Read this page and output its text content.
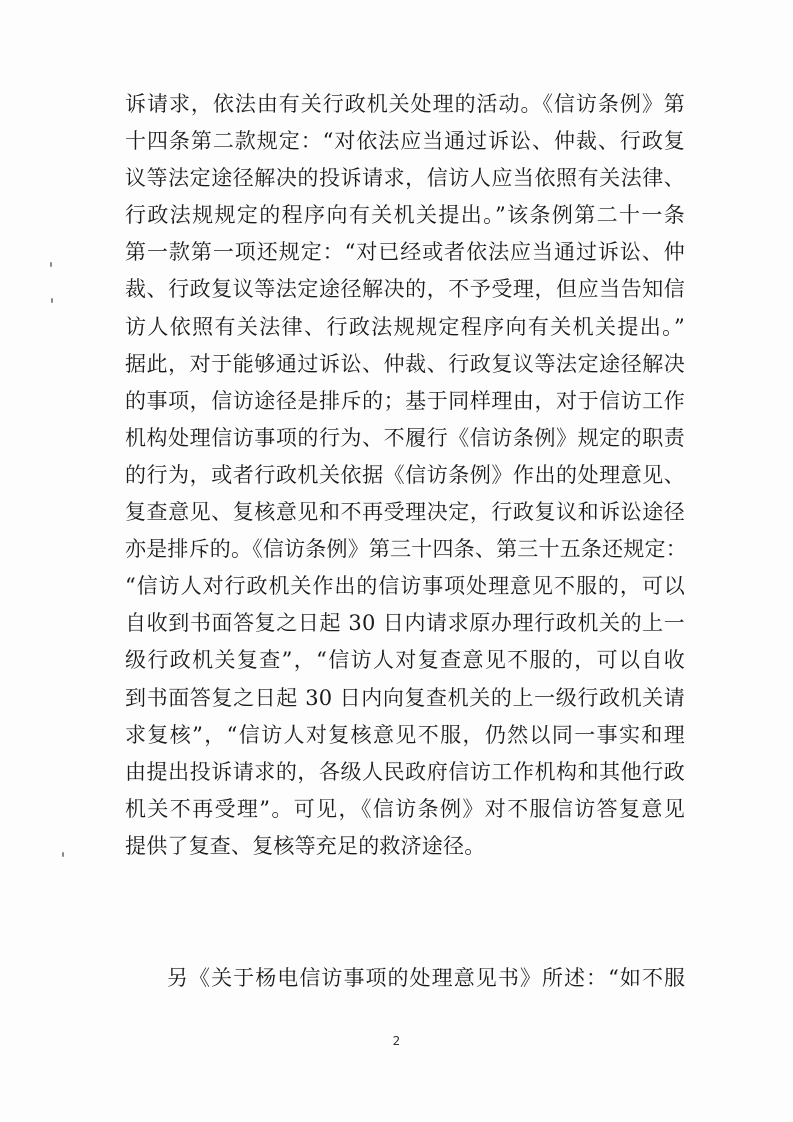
诉请求，依法由有关行政机关处理的活动。《信访条例》第
十四条第二款规定：“对依法应当通过诉讼、仲裁、行政复
议等法定途径解决的投诉请求，信访人应当依照有关法律、
行政法规规定的程序向有关机关提出。”该条例第二十一条
第一款第一项还规定：“对已经或者依法应当通过诉讼、仲
裁、行政复议等法定途径解决的，不予受理，但应当告知信
访人依照有关法律、行政法规规定程序向有关机关提出。”
据此，对于能够通过诉讼、仲裁、行政复议等法定途径解决
的事项，信访途径是排斥的；基于同样理由，对于信访工作
机构处理信访事项的行为、不履行《信访条例》规定的职责
的行为，或者行政机关依据《信访条例》作出的处理意见、
复查意见、复核意见和不再受理决定，行政复议和诉讼途径
亦是排斥的。《信访条例》第三十四条、第三十五条还规定：
“信访人对行政机关作出的信访事项处理意见不服的，可以
自收到书面答复之日起 30 日内请求原办理行政机关的上一
级行政机关复查”，“信访人对复查意见不服的，可以自收
到书面答复之日起 30 日内向复查机关的上一级行政机关请
求复核”，“信访人对复核意见不服，仍然以同一事实和理
由提出投诉请求的，各级人民政府信访工作机构和其他行政
机关不再受理”。可见，《信访条例》对不服信访答复意见
提供了复查、复核等充足的救济途径。
另《关于杨电信访事项的处理意见书》所述：“如不服
2
